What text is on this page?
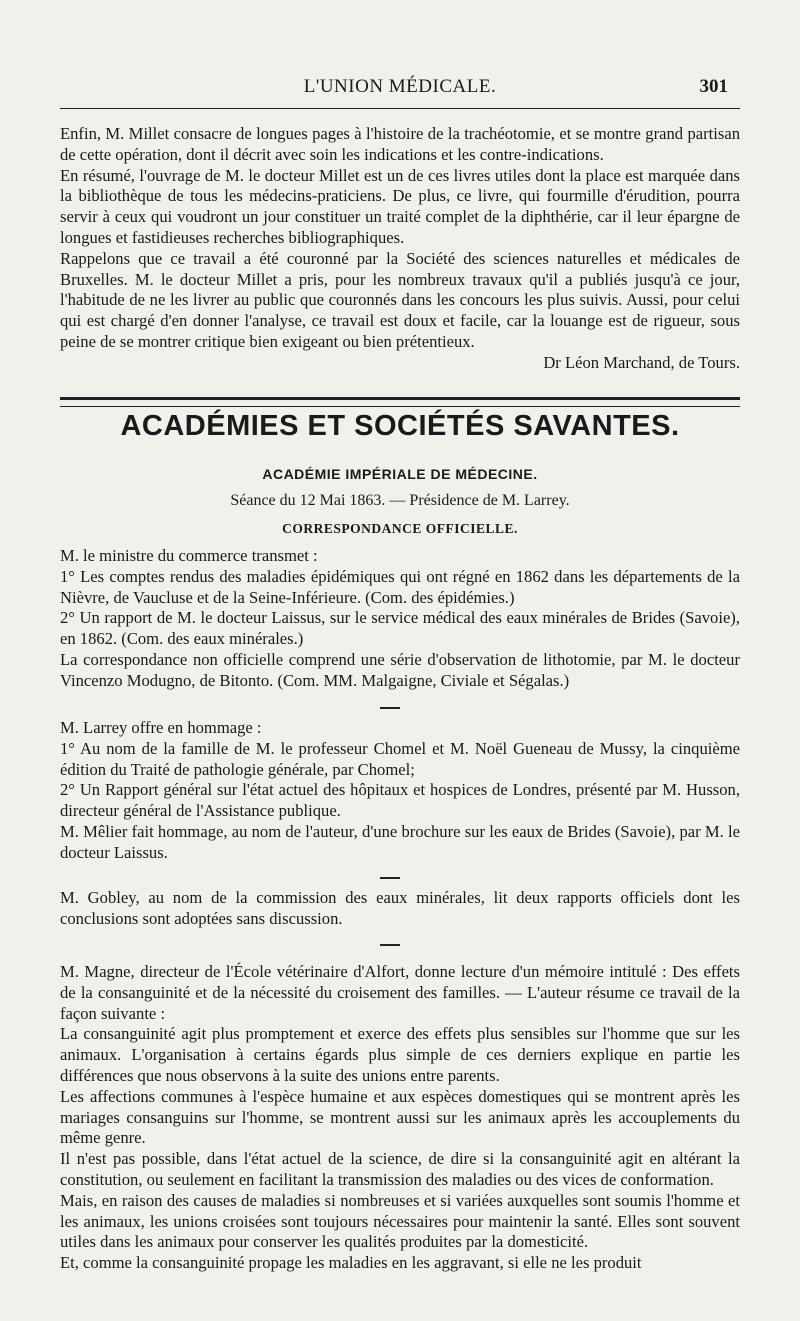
L'UNION MÉDICALE.	301

Enfin, M. Millet consacre de longues pages à l'histoire de la trachéotomie, et se montre grand partisan de cette opération, dont il décrit avec soin les indications et les contre-indications.

En résumé, l'ouvrage de M. le docteur Millet est un de ces livres utiles dont la place est marquée dans la bibliothèque de tous les médecins-praticiens. De plus, ce livre, qui fourmille d'érudition, pourra servir à ceux qui voudront un jour constituer un traité complet de la diphthérie, car il leur épargne de longues et fastidieuses recherches bibliographiques.

Rappelons que ce travail a été couronné par la Société des sciences naturelles et médicales de Bruxelles. M. le docteur Millet a pris, pour les nombreux travaux qu'il a publiés jusqu'à ce jour, l'habitude de ne les livrer au public que couronnés dans les concours les plus suivis. Aussi, pour celui qui est chargé d'en donner l'analyse, ce travail est doux et facile, car la louange est de rigueur, sous peine de se montrer critique bien exigeant ou bien prétentieux.

Dr Léon Marchand, de Tours.

ACADÉMIES ET SOCIÉTÉS SAVANTES.
ACADÉMIE IMPÉRIALE DE MÉDECINE.
Séance du 12 Mai 1863. — Présidence de M. Larrey.
CORRESPONDANCE OFFICIELLE.

M. le ministre du commerce transmet :

1° Les comptes rendus des maladies épidémiques qui ont régné en 1862 dans les départements de la Nièvre, de Vaucluse et de la Seine-Inférieure. (Com. des épidémies.)

2° Un rapport de M. le docteur Laissus, sur le service médical des eaux minérales de Brides (Savoie), en 1862. (Com. des eaux minérales.)

La correspondance non officielle comprend une série d'observation de lithotomie, par M. le docteur Vincenzo Modugno, de Bitonto. (Com. MM. Malgaigne, Civiale et Ségalas.)

M. Larrey offre en hommage :

1° Au nom de la famille de M. le professeur Chomel et M. Noël Gueneau de Mussy, la cinquième édition du Traité de pathologie générale, par Chomel;

2° Un Rapport général sur l'état actuel des hôpitaux et hospices de Londres, présenté par M. Husson, directeur général de l'Assistance publique.

M. Mêlier fait hommage, au nom de l'auteur, d'une brochure sur les eaux de Brides (Savoie), par M. le docteur Laissus.

M. Gobley, au nom de la commission des eaux minérales, lit deux rapports officiels dont les conclusions sont adoptées sans discussion.

M. Magne, directeur de l'École vétérinaire d'Alfort, donne lecture d'un mémoire intitulé : Des effets de la consanguinité et de la nécessité du croisement des familles. — L'auteur résume ce travail de la façon suivante :

La consanguinité agit plus promptement et exerce des effets plus sensibles sur l'homme que sur les animaux. L'organisation à certains égards plus simple de ces derniers explique en partie les différences que nous observons à la suite des unions entre parents.

Les affections communes à l'espèce humaine et aux espèces domestiques qui se montrent après les mariages consanguins sur l'homme, se montrent aussi sur les animaux après les accouplements du même genre.

Il n'est pas possible, dans l'état actuel de la science, de dire si la consanguinité agit en altérant la constitution, ou seulement en facilitant la transmission des maladies ou des vices de conformation.

Mais, en raison des causes de maladies si nombreuses et si variées auxquelles sont soumis l'homme et les animaux, les unions croisées sont toujours nécessaires pour maintenir la santé. Elles sont souvent utiles dans les animaux pour conserver les qualités produites par la domesticité.

Et, comme la consanguinité propage les maladies en les aggravant, si elle ne les produit
